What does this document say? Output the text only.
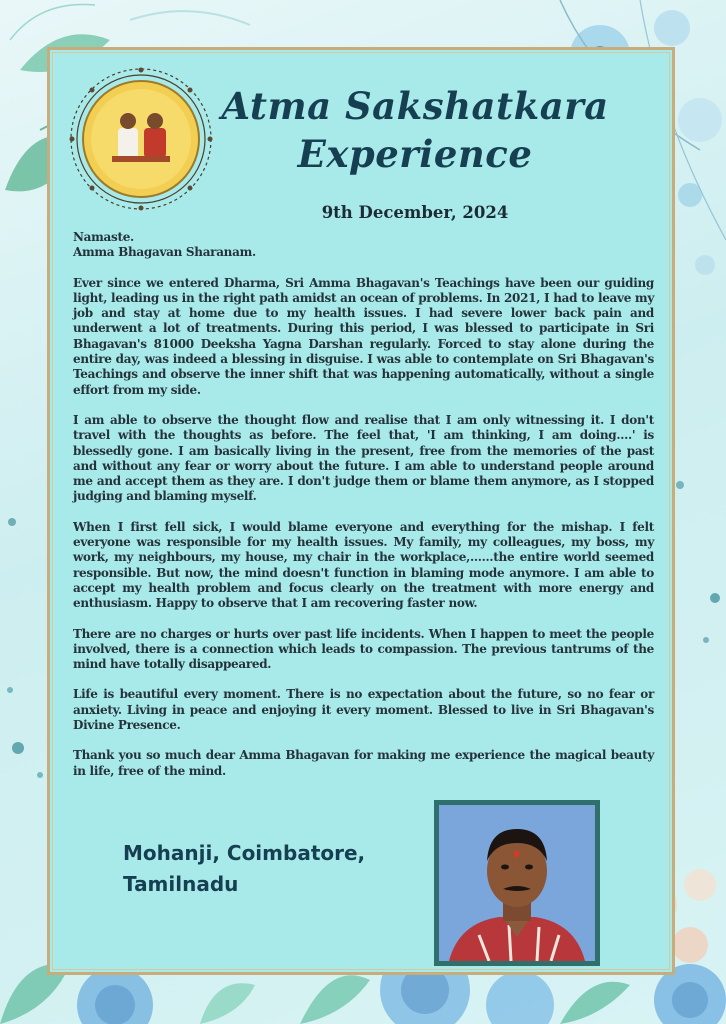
Atma Sakshatkara
Experience
9th December, 2024

Namaste.
Amma Bhagavan Sharanam.

Ever since we entered Dharma, Sri Amma Bhagavan's Teachings have been our guiding light, leading us in the right path amidst an ocean of problems. In 2021, I had to leave my job and stay at home due to my health issues. I had severe lower back pain and underwent a lot of treatments. During this period, I was blessed to participate in Sri Bhagavan's 81000 Deeksha Yagna Darshan regularly. Forced to stay alone during the entire day, was indeed a blessing in disguise. I was able to contemplate on Sri Bhagavan's Teachings and observe the inner shift that was happening automatically, without a single effort from my side.

I am able to observe the thought flow and realise that I am only witnessing it. I don't travel with the thoughts as before. The feel that, 'I am thinking, I am doing....' is blessedly gone. I am basically living in the present, free from the memories of the past and without any fear or worry about the future. I am able to understand people around me and accept them as they are. I don't judge them or blame them anymore, as I stopped judging and blaming myself.

When I first fell sick, I would blame everyone and everything for the mishap. I felt everyone was responsible for my health issues. My family, my colleagues, my boss, my work, my neighbours, my house, my chair in the workplace,......the entire world seemed responsible. But now, the mind doesn't function in blaming mode anymore. I am able to accept my health problem and focus clearly on the treatment with more energy and enthusiasm. Happy to observe that I am recovering faster now.

There are no charges or hurts over past life incidents. When I happen to meet the people involved, there is a connection which leads to compassion. The previous tantrums of the mind have totally disappeared.

Life is beautiful every moment. There is no expectation about the future, so no fear or anxiety. Living in peace and enjoying it every moment. Blessed to live in Sri Bhagavan's Divine Presence.

Thank you so much dear Amma Bhagavan for making me experience the magical beauty in life, free of the mind.

Mohanji, Coimbatore,
Tamilnadu
